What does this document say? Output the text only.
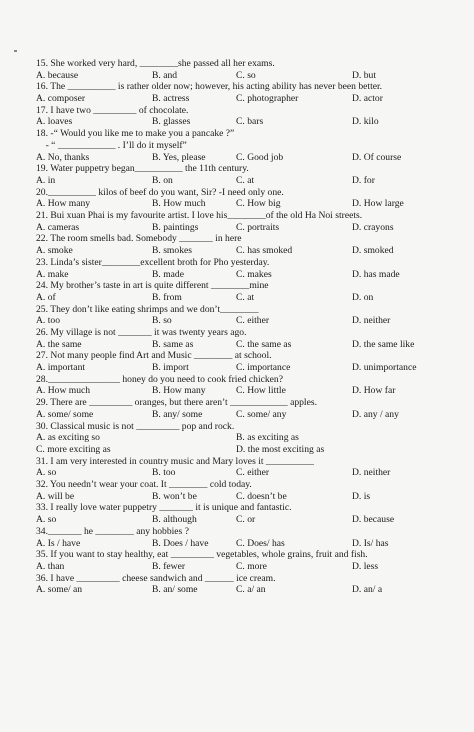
15. She worked very hard, ________she passed all her exams.
A. because	B. and	C. so	D. but
16. The __________ is rather older now; however, his acting ability has never been better.
A. composer	B. actress	C. photographer	D. actor
17. I have two _________ of chocolate.
A. loaves	B. glasses	C. bars	D. kilo
18. -“ Would you like me to make you a pancake ?”
- “ ____________ . I’ll do it myself”
A. No, thanks	B. Yes, please	C. Good job	D. Of course
19. Water puppetry began__________ the 11th century.
A. in	B. on	C. at	D. for
20.__________ kilos of beef do you want, Sir? -I need only one.
A. How many	B. How much	C. How big	D. How large
21. Bui xuan Phai is my favourite artist. I love his________of the old Ha Noi streets.
A. cameras	B. paintings	C. portraits	D. crayons
22. The room smells bad. Somebody _______ in here
A. smoke	B. smokes	C. has smoked	D. smoked
23. Linda’s sister________excellent broth for Pho yesterday.
A. make	B. made	C. makes	D. has made
24. My brother’s taste in art is quite different ________mine
A. of	B. from	C. at	D. on
25. They don’t like eating shrimps and we don’t________
A. too	B. so	C. either	D. neither
26. My village is not _______ it was twenty years ago.
A. the same	B. same as	C. the same as	D. the same like
27. Not many people find Art and Music ________ at school.
A. important	B. import	C. importance	D. unimportance
28._______________ honey do you need to cook fried chicken?
A. How much	B. How many	C. How little	D. How far
29. There are _________ oranges, but there aren’t ____________ apples.
A. some/ some	B. any/ some	C. some/ any	D. any / any
30. Classical music is not _________ pop and rock.
A. as exciting so	B. as exciting as
C. more exciting as	D. the most exciting as
31. I am very interested in country music and Mary loves it __________
A. so	B. too	C. either	D. neither
32. You needn’t wear your coat. It ________ cold today.
A. will be	B. won’t be	C. doesn’t be	D. is
33. I really love water puppetry _______ it is unique and fantastic.
A. so	B. although	C. or	D. because
34._______ he ________ any hobbies ?
A. Is / have	B. Does / have	C. Does/ has	D. Is/ has
35. If you want to stay healthy, eat _________ vegetables, whole grains, fruit and fish.
A. than	B. fewer	C. more	D. less
36. I have _________ cheese sandwich and ______ ice cream.
A. some/ an	B. an/ some	C. a/ an	D. an/ a
